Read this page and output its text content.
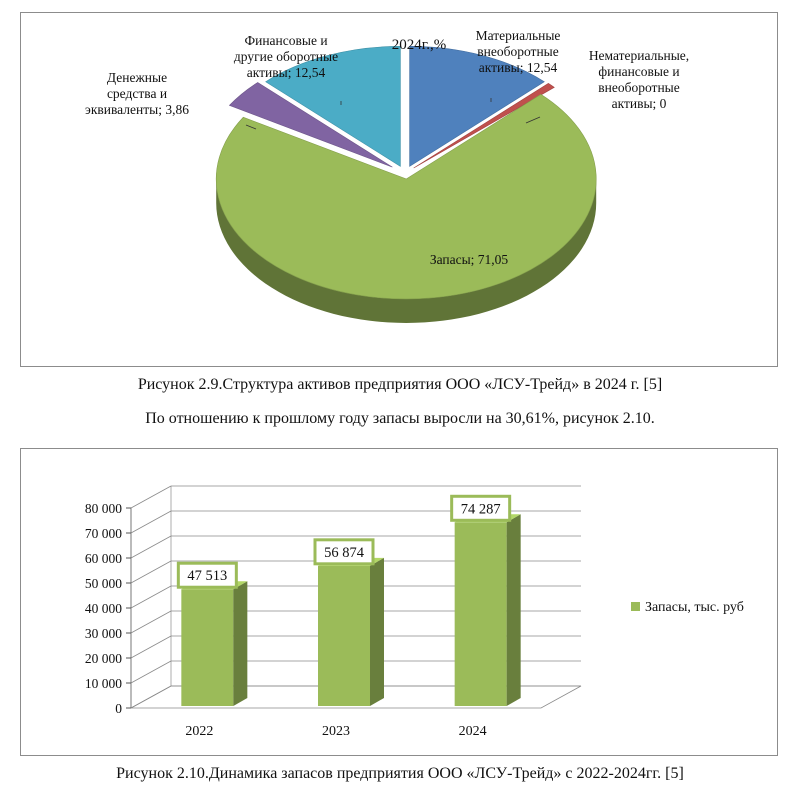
2024г.,%
Материальные внеоборотные активы; 12,54
Нематериальные, финансовые и внеоборотные активы; 0
Запасы; 71,05
Денежные средства и эквиваленты; 3,86
Финансовые и другие оборотные активы; 12,54
Рисунок 2.9.Структура активов предприятия ООО «ЛСУ-Трейд» в 2024 г. [5]
По отношению к прошлому году запасы выросли на 30,61%, рисунок 2.10.
0
10 000
20 000
30 000
40 000
50 000
60 000
70 000
80 000
2022	2023	2024
47 513
56 874
74 287
Запасы, тыс. руб
Рисунок 2.10.Динамика запасов предприятия ООО «ЛСУ-Трейд» с 2022-2024гг. [5]
